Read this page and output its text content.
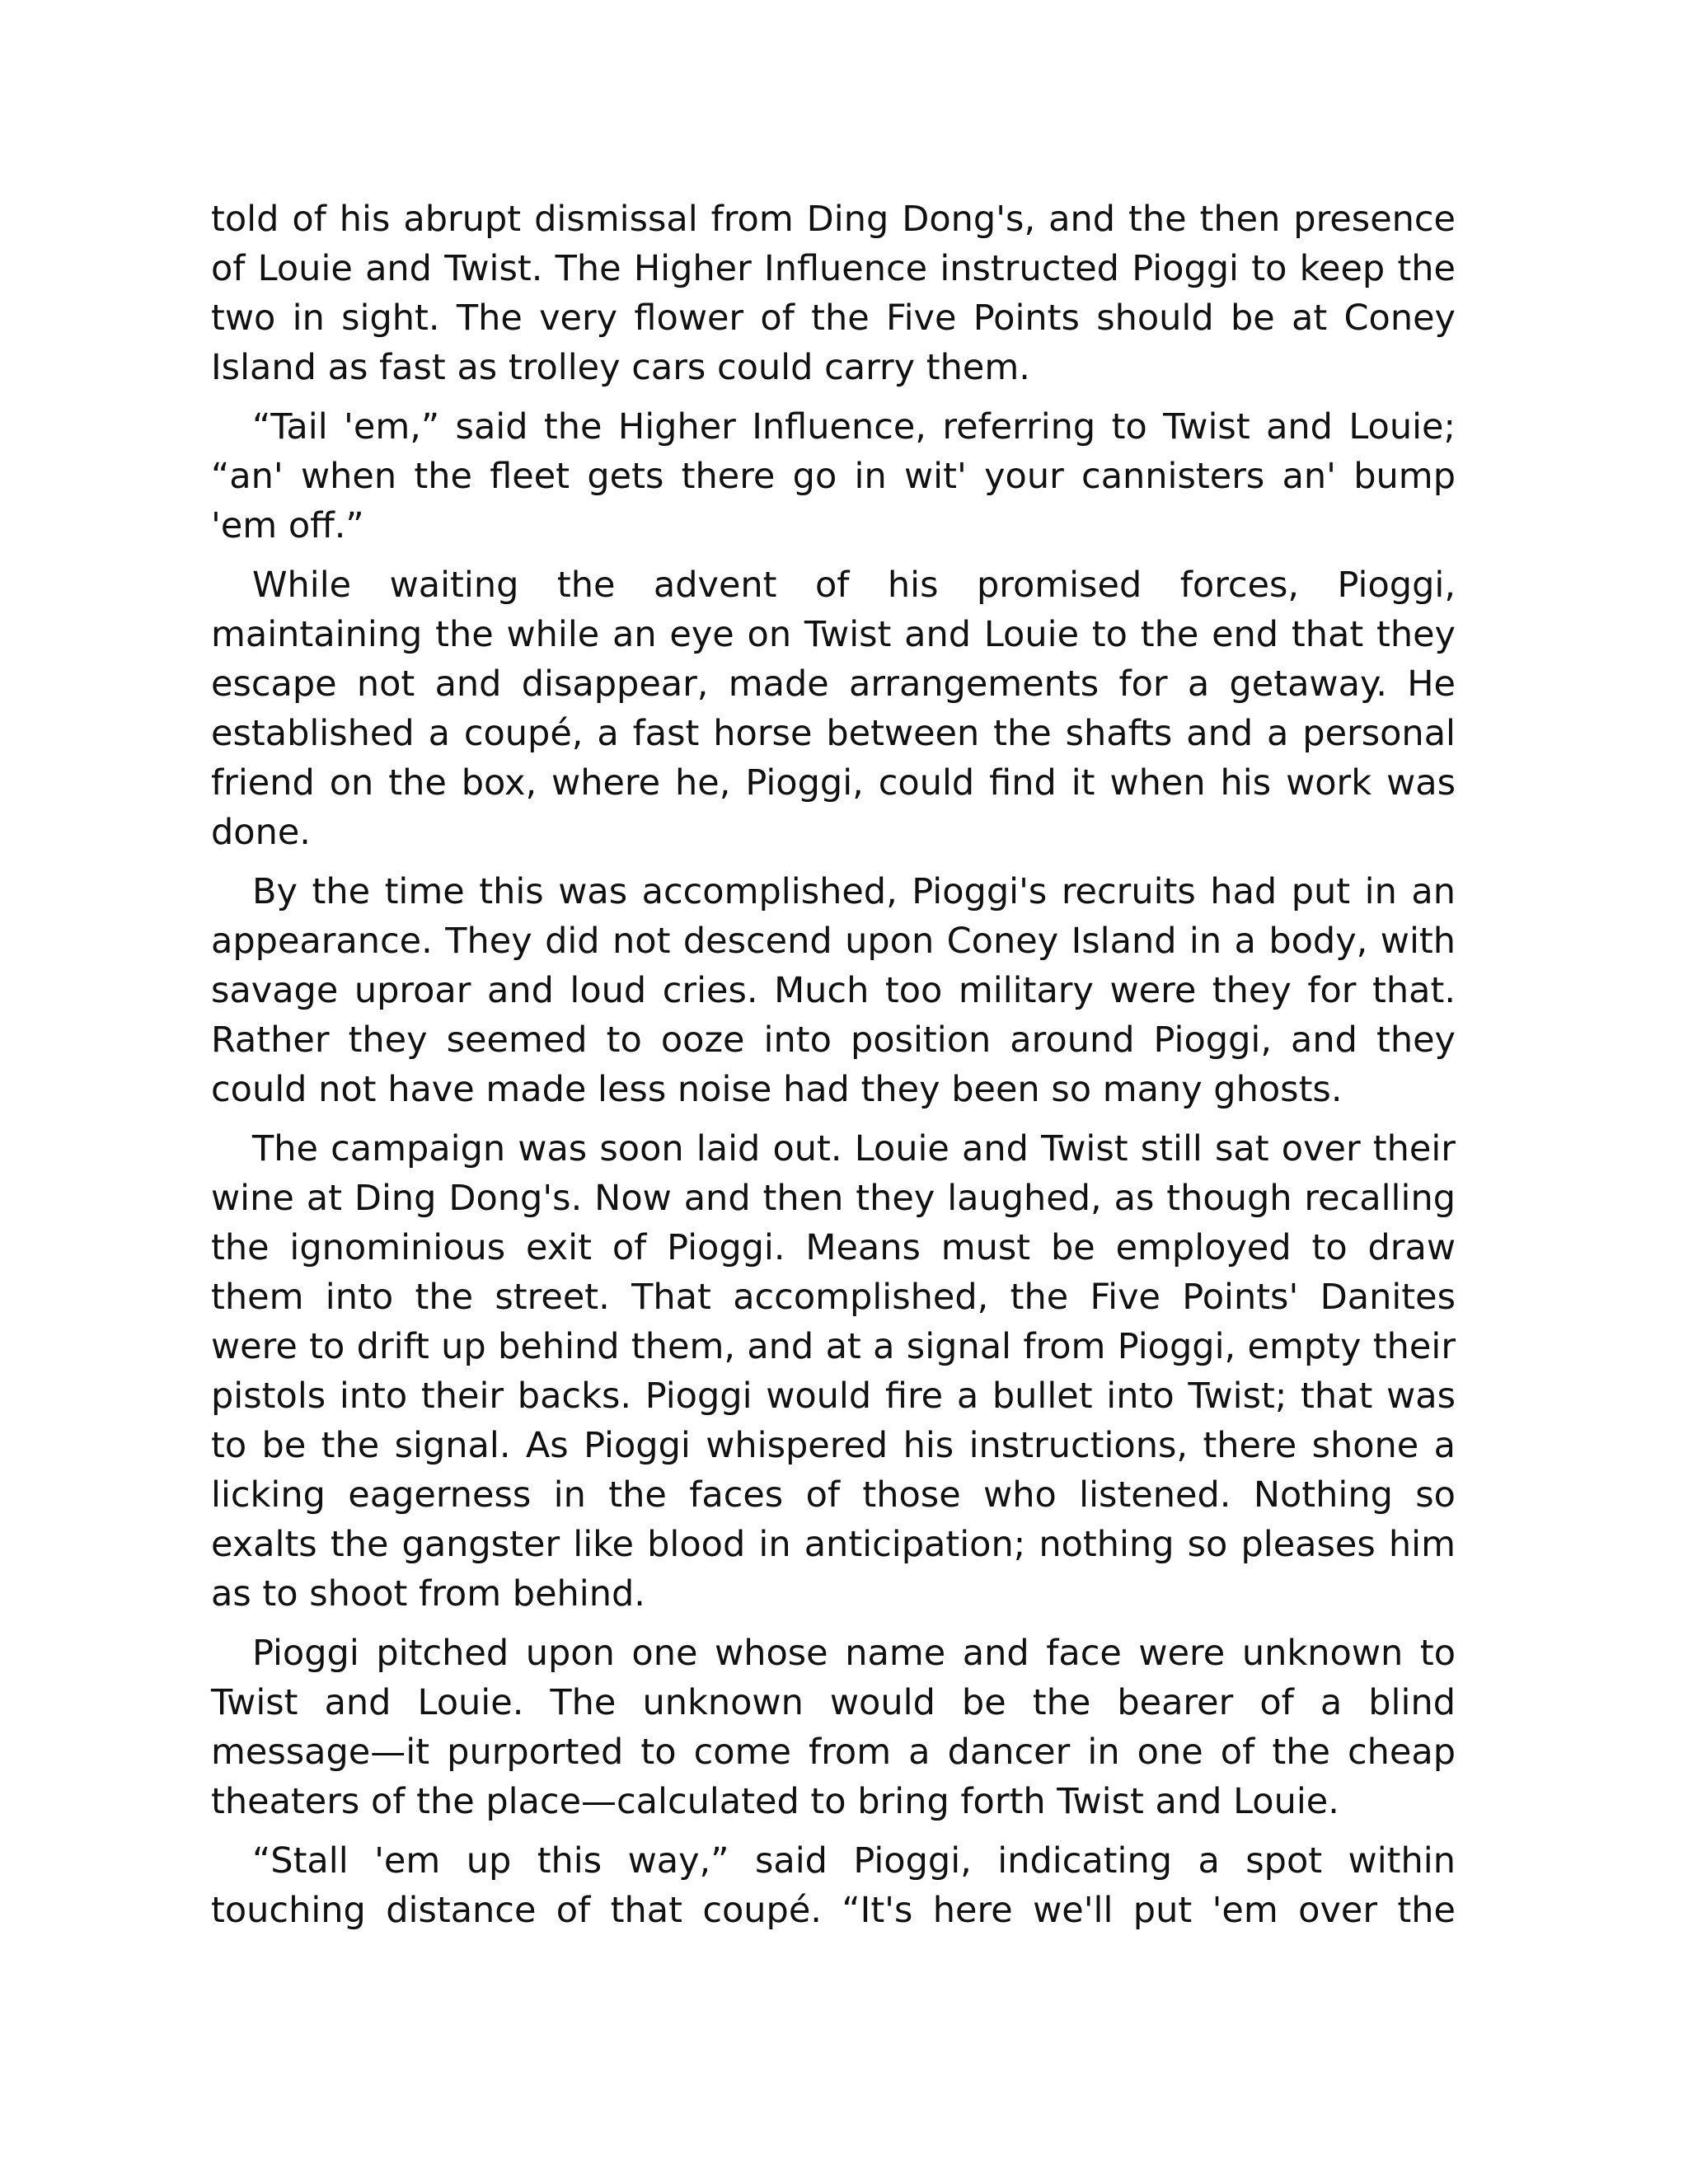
told of his abrupt dismissal from Ding Dong's, and the then presence of Louie and Twist. The Higher Influence instructed Pioggi to keep the two in sight. The very flower of the Five Points should be at Coney Island as fast as trolley cars could carry them.

“Tail 'em,” said the Higher Influence, referring to Twist and Louie; “an' when the fleet gets there go in wit' your cannisters an' bump 'em off.”

While waiting the advent of his promised forces, Pioggi, maintaining the while an eye on Twist and Louie to the end that they escape not and disappear, made arrangements for a getaway. He established a coupé, a fast horse between the shafts and a personal friend on the box, where he, Pioggi, could find it when his work was done.

By the time this was accomplished, Pioggi's recruits had put in an appearance. They did not descend upon Coney Island in a body, with savage uproar and loud cries. Much too military were they for that. Rather they seemed to ooze into position around Pioggi, and they could not have made less noise had they been so many ghosts.

The campaign was soon laid out. Louie and Twist still sat over their wine at Ding Dong's. Now and then they laughed, as though recalling the ignominious exit of Pioggi. Means must be employed to draw them into the street. That accomplished, the Five Points' Danites were to drift up behind them, and at a signal from Pioggi, empty their pistols into their backs. Pioggi would fire a bullet into Twist; that was to be the signal. As Pioggi whispered his instructions, there shone a licking eagerness in the faces of those who listened. Nothing so exalts the gangster like blood in anticipation; nothing so pleases him as to shoot from behind.

Pioggi pitched upon one whose name and face were unknown to Twist and Louie. The unknown would be the bearer of a blind message—it purported to come from a dancer in one of the cheap theaters of the place—calculated to bring forth Twist and Louie.

“Stall 'em up this way,” said Pioggi, indicating a spot within touching distance of that coupé. “It's here we'll put 'em over the
